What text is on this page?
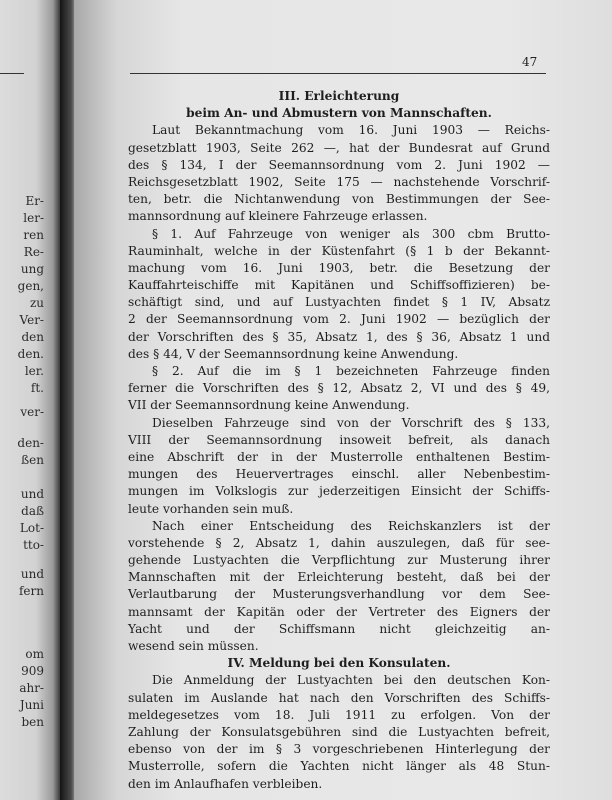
Er-
ler-
ren
Re-
ung
gen,
zu
Ver-
den
den.
ler.
ft.
ver-
den-
ßen
und
daß
Lot-
tto-
und
fern
om
909
ahr-
Juni
ben
47
III. Erleichterung
beim An- und Abmustern von Mannschaften.
Laut Bekanntmachung vom 16. Juni 1903 — Reichs-
gesetzblatt 1903, Seite 262 —, hat der Bundesrat auf Grund
des § 134, I der Seemannsordnung vom 2. Juni 1902 —
Reichsgesetzblatt 1902, Seite 175 — nachstehende Vorschrif-
ten, betr. die Nichtanwendung von Bestimmungen der See-
mannsordnung auf kleinere Fahrzeuge erlassen.
§ 1. Auf Fahrzeuge von weniger als 300 cbm Brutto-
Rauminhalt, welche in der Küstenfahrt (§ 1 b der Bekannt-
machung vom 16. Juni 1903, betr. die Besetzung der
Kauffahrteischiffe mit Kapitänen und Schiffsoffizieren) be-
schäftigt sind, und auf Lustyachten findet § 1 IV, Absatz
2 der Seemannsordnung vom 2. Juni 1902 — bezüglich der
der Vorschriften des § 35, Absatz 1, des § 36, Absatz 1 und
des § 44, V der Seemannsordnung keine Anwendung.
§ 2. Auf die im § 1 bezeichneten Fahrzeuge finden
ferner die Vorschriften des § 12, Absatz 2, VI und des § 49,
VII der Seemannsordnung keine Anwendung.
Dieselben Fahrzeuge sind von der Vorschrift des § 133,
VIII der Seemannsordnung insoweit befreit, als danach
eine Abschrift der in der Musterrolle enthaltenen Bestim-
mungen des Heuervertrages einschl. aller Nebenbestim-
mungen im Volkslogis zur jederzeitigen Einsicht der Schiffs-
leute vorhanden sein muß.
Nach einer Entscheidung des Reichskanzlers ist der
vorstehende § 2, Absatz 1, dahin auszulegen, daß für see-
gehende Lustyachten die Verpflichtung zur Musterung ihrer
Mannschaften mit der Erleichterung besteht, daß bei der
Verlautbarung der Musterungsverhandlung vor dem See-
mannsamt der Kapitän oder der Vertreter des Eigners der
Yacht und der Schiffsmann nicht gleichzeitig an-
wesend sein müssen.
IV. Meldung bei den Konsulaten.
Die Anmeldung der Lustyachten bei den deutschen Kon-
sulaten im Auslande hat nach den Vorschriften des Schiffs-
meldegesetzes vom 18. Juli 1911 zu erfolgen. Von der
Zahlung der Konsulatsgebühren sind die Lustyachten befreit,
ebenso von der im § 3 vorgeschriebenen Hinterlegung der
Musterrolle, sofern die Yachten nicht länger als 48 Stun-
den im Anlaufhafen verbleiben.
